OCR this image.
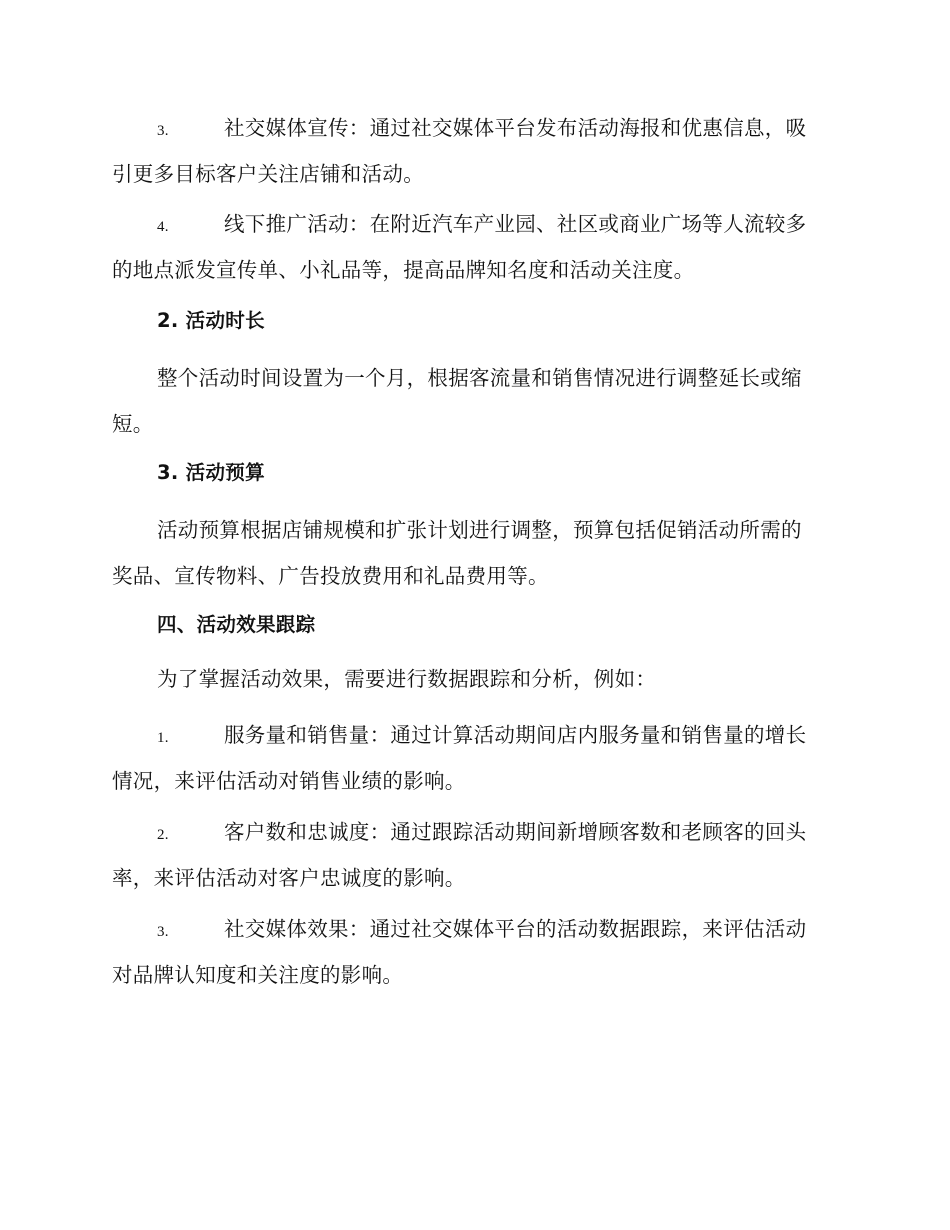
3.	社交媒体宣传：通过社交媒体平台发布活动海报和优惠信息，吸
引更多目标客户关注店铺和活动。
4.	线下推广活动：在附近汽车产业园、社区或商业广场等人流较多
的地点派发宣传单、小礼品等，提高品牌知名度和活动关注度。
2. 活动时长
整个活动时间设置为一个月，根据客流量和销售情况进行调整延长或缩
短。
3. 活动预算
活动预算根据店铺规模和扩张计划进行调整，预算包括促销活动所需的
奖品、宣传物料、广告投放费用和礼品费用等。
四、活动效果跟踪
为了掌握活动效果，需要进行数据跟踪和分析，例如：
1.	服务量和销售量：通过计算活动期间店内服务量和销售量的增长
情况，来评估活动对销售业绩的影响。
2.	客户数和忠诚度：通过跟踪活动期间新增顾客数和老顾客的回头
率，来评估活动对客户忠诚度的影响。
3.	社交媒体效果：通过社交媒体平台的活动数据跟踪，来评估活动
对品牌认知度和关注度的影响。
